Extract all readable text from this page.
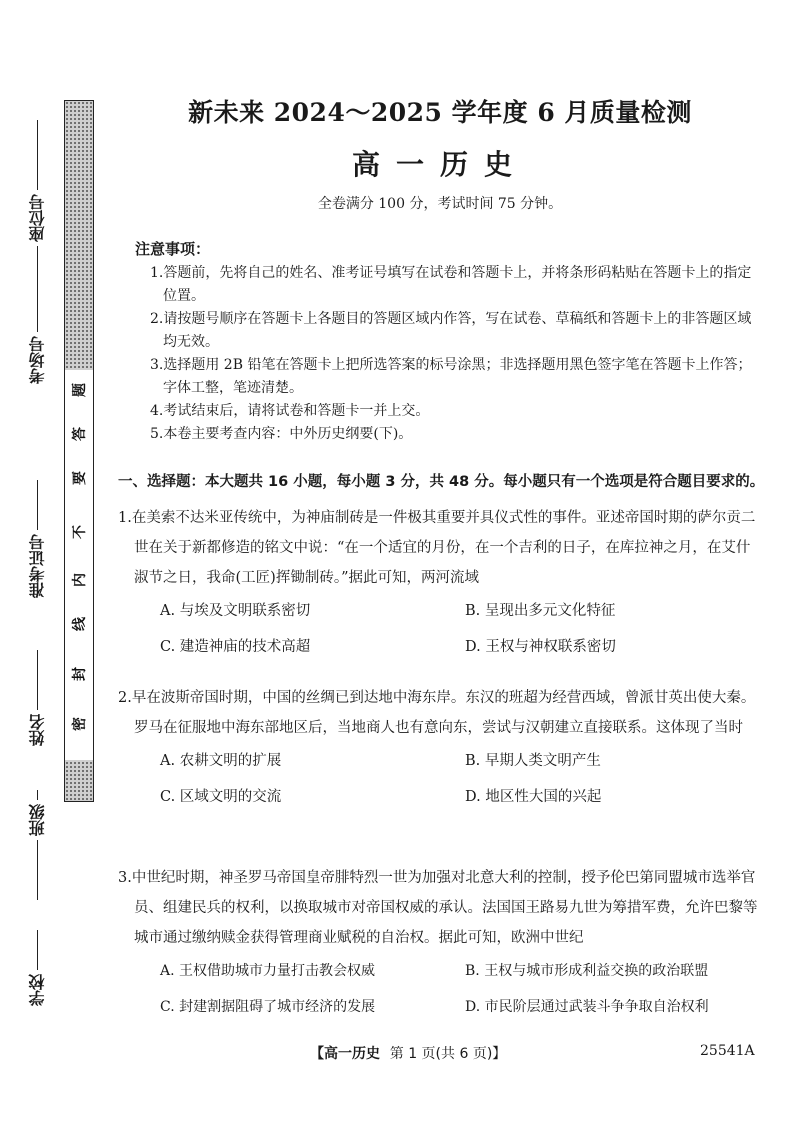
题
答
要
不
内
线
封
密
座位号
考场号
准考证号
姓名
班级
学校
新未来 2024～2025 学年度 6 月质量检测
高一历史
全卷满分 100 分，考试时间 75 分钟。
注意事项：

1.答题前，先将自己的姓名、准考证号填写在试卷和答题卡上，并将条形码粘贴在答题卡上的指定位置。

2.请按题号顺序在答题卡上各题目的答题区域内作答，写在试卷、草稿纸和答题卡上的非答题区域均无效。

3.选择题用 2B 铅笔在答题卡上把所选答案的标号涂黑；非选择题用黑色签字笔在答题卡上作答；字体工整，笔迹清楚。

4.考试结束后，请将试卷和答题卡一并上交。

5.本卷主要考查内容：中外历史纲要(下)。

一、选择题：本大题共 16 小题，每小题 3 分，共 48 分。每小题只有一个选项是符合题目要求的。

1.在美索不达米亚传统中，为神庙制砖是一件极其重要并具仪式性的事件。亚述帝国时期的萨尔贡二世在关于新都修造的铭文中说：“在一个适宜的月份，在一个吉利的日子，在库拉神之月，在艾什淑节之日，我命(工匠)挥锄制砖。”据此可知，两河流域

A. 与埃及文明联系密切	B. 呈现出多元文化特征
C. 建造神庙的技术高超	D. 王权与神权联系密切

2.早在波斯帝国时期，中国的丝绸已到达地中海东岸。东汉的班超为经营西域，曾派甘英出使大秦。罗马在征服地中海东部地区后，当地商人也有意向东，尝试与汉朝建立直接联系。这体现了当时

A. 农耕文明的扩展	B. 早期人类文明产生
C. 区域文明的交流	D. 地区性大国的兴起

3.中世纪时期，神圣罗马帝国皇帝腓特烈一世为加强对北意大利的控制，授予伦巴第同盟城市选举官员、组建民兵的权利，以换取城市对帝国权威的承认。法国国王路易九世为筹措军费，允许巴黎等城市通过缴纳赎金获得管理商业赋税的自治权。据此可知，欧洲中世纪

A. 王权借助城市力量打击教会权威	B. 王权与城市形成利益交换的政治联盟
C. 封建割据阻碍了城市经济的发展	D. 市民阶层通过武装斗争争取自治权利
【高一历史 第 1 页(共 6 页)】	25541A
